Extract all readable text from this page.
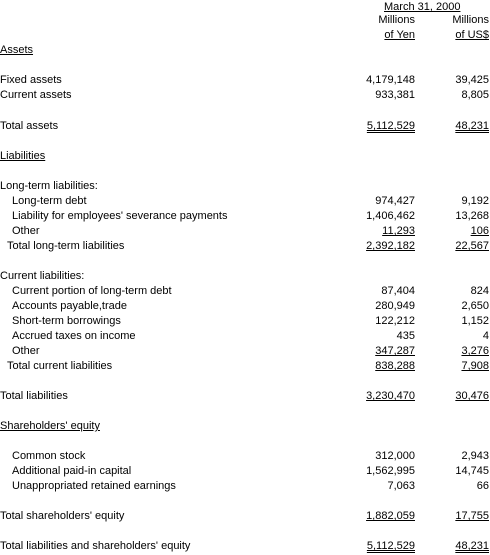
March 31, 2000
Millions	Millions
of Yen	of US$
Assets
Fixed assets	4,179,148	39,425
Current assets	933,381	8,805
Total assets	5,112,529	48,231
Liabilities
Long-term liabilities:
Long-term debt	974,427	9,192
Liability for employees' severance payments	1,406,462	13,268
Other	11,293	106
Total long-term liabilities	2,392,182	22,567
Current liabilities:
Current portion of long-term debt	87,404	824
Accounts payable,trade	280,949	2,650
Short-term borrowings	122,212	1,152
Accrued taxes on income	435	4
Other	347,287	3,276
Total current liabilities	838,288	7,908
Total liabilities	3,230,470	30,476
Shareholders' equity
Common stock	312,000	2,943
Additional paid-in capital	1,562,995	14,745
Unappropriated retained earnings	7,063	66
Total shareholders' equity	1,882,059	17,755
Total liabilities and shareholders' equity	5,112,529	48,231
